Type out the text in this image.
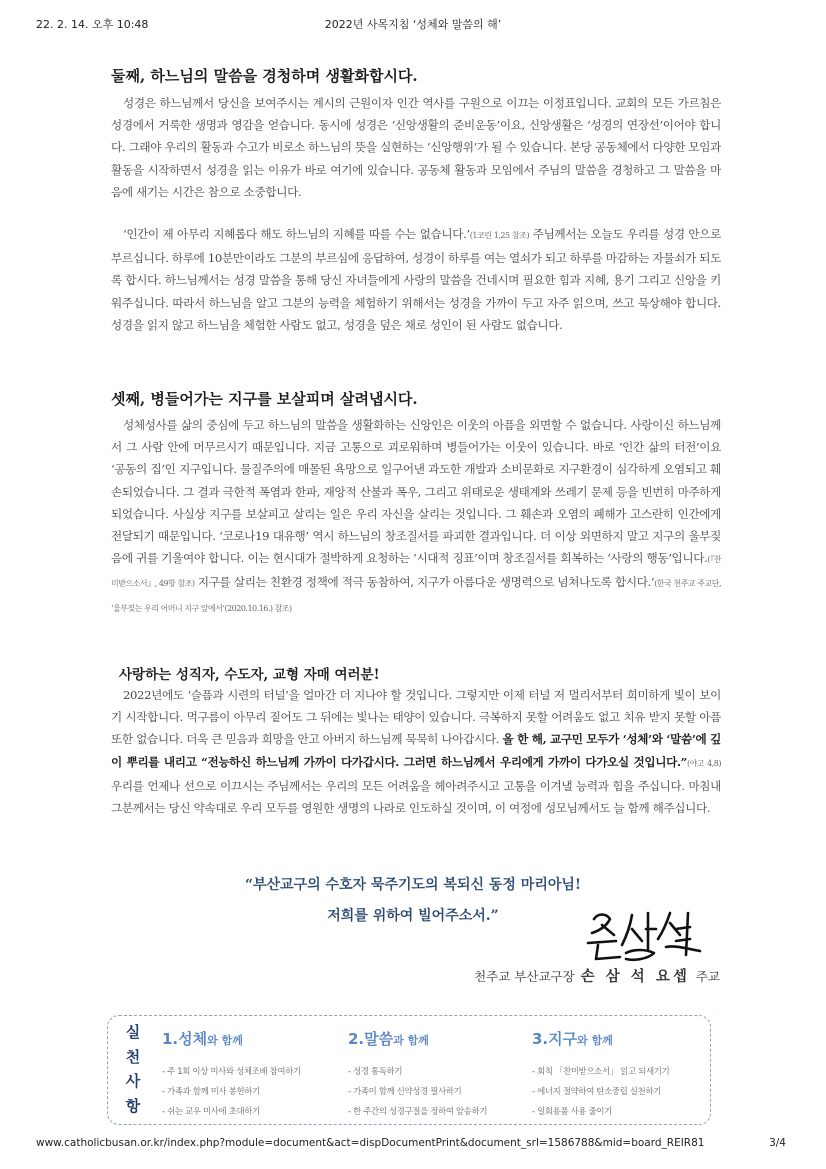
22. 2. 14. 오후 10:48	2022년 사목지침 ‘성체와 말씀의 해’
둘째, 하느님의 말씀을 경청하며 생활화합시다.

성경은 하느님께서 당신을 보여주시는 계시의 근원이자 인간 역사를 구원으로 이끄는 이정표입니다. 교회의 모든 가르침은 성경에서 거룩한 생명과 영감을 얻습니다. 동시에 성경은 ‘신앙생활의 준비운동’이요, 신앙생활은 ‘성경의 연장선’이어야 합니다. 그래야 우리의 활동과 수고가 비로소 하느님의 뜻을 실현하는 ‘신앙행위’가 될 수 있습니다. 본당 공동체에서 다양한 모임과 활동을 시작하면서 성경을 읽는 이유가 바로 여기에 있습니다. 공동체 활동과 모임에서 주님의 말씀을 경청하고 그 말씀을 마음에 새기는 시간은 참으로 소중합니다.

‘인간이 제 아무리 지혜롭다 해도 하느님의 지혜를 따를 수는 없습니다.’(1코린 1,25 참조) 주님께서는 오늘도 우리를 성경 안으로 부르십니다. 하루에 10분만이라도 그분의 부르심에 응답하여, 성경이 하루를 여는 열쇠가 되고 하루를 마감하는 자물쇠가 되도록 합시다. 하느님께서는 성경 말씀을 통해 당신 자녀들에게 사랑의 말씀을 건네시며 필요한 힘과 지혜, 용기 그리고 신앙을 키워주십니다. 따라서 하느님을 알고 그분의 능력을 체험하기 위해서는 성경을 가까이 두고 자주 읽으며, 쓰고 묵상해야 합니다. 성경을 읽지 않고 하느님을 체험한 사람도 없고, 성경을 덮은 채로 성인이 된 사람도 없습니다.

셋째, 병들어가는 지구를 보살피며 살려냅시다.

성체성사를 삶의 중심에 두고 하느님의 말씀을 생활화하는 신앙인은 이웃의 아픔을 외면할 수 없습니다. 사랑이신 하느님께서 그 사람 안에 머무르시기 때문입니다. 지금 고통으로 괴로워하며 병들어가는 이웃이 있습니다. 바로 ‘인간 삶의 터전’이요 ‘공동의 집’인 지구입니다. 물질주의에 매몰된 욕망으로 일구어낸 과도한 개발과 소비문화로 지구환경이 심각하게 오염되고 훼손되었습니다. 그 결과 극한적 폭염과 한파, 재앙적 산불과 폭우, 그리고 위태로운 생태계와 쓰레기 문제 등을 빈번히 마주하게 되었습니다. 사실상 지구를 보살피고 살리는 일은 우리 자신을 살리는 것입니다. 그 훼손과 오염의 폐해가 고스란히 인간에게 전달되기 때문입니다. ‘코로나19 대유행’ 역시 하느님의 창조질서를 파괴한 결과입니다. 더 이상 외면하지 말고 지구의 울부짖음에 귀를 기울여야 합니다. 이는 현시대가 절박하게 요청하는 ‘시대적 징표’이며 창조질서를 회복하는 ‘사랑의 행동’입니다.(『찬미받으소서』, 49항 참조) 지구를 살리는 친환경 정책에 적극 동참하여, 지구가 아름다운 생명력으로 넘쳐나도록 합시다.’(한국 천주교 주교단, ‘울부짖는 우리 어머니 지구 앞에서’(2020.10.16.) 참조)

사랑하는 성직자, 수도자, 교형 자매 여러분!

2022년에도 ‘슬픔과 시련의 터널’을 얼마간 더 지나야 할 것입니다. 그렇지만 이제 터널 저 멀리서부터 희미하게 빛이 보이기 시작합니다. 먹구름이 아무리 짙어도 그 뒤에는 빛나는 태양이 있습니다. 극복하지 못할 어려움도 없고 치유 받지 못할 아픔 또한 없습니다. 더욱 큰 믿음과 희망을 안고 아버지 하느님께 묵묵히 나아갑시다. 올 한 해, 교구민 모두가 ‘성체’와 ‘말씀’에 깊이 뿌리를 내리고 “전능하신 하느님께 가까이 다가갑시다. 그러면 하느님께서 우리에게 가까이 다가오실 것입니다.”(야고 4,8) 우리를 언제나 선으로 이끄시는 주님께서는 우리의 모든 어려움을 헤아려주시고 고통을 이겨낼 능력과 힘을 주십니다. 마침내 그분께서는 당신 약속대로 우리 모두를 영원한 생명의 나라로 인도하실 것이며, 이 여정에 성모님께서도 늘 함께 해주십니다.

“부산교구의 수호자 묵주기도의 복되신 동정 마리아님!
저희를 위하여 빌어주소서.”
천주교 부산교구장 손 삼 석 요셉 주교
실
천
사
항
1.성체와 함께
- 주 1회 이상 미사와 성체조배 참여하기
- 가족과 함께 미사 봉헌하기
- 쉬는 교우 미사에 초대하기
2.말씀과 함께
- 성경 통독하기
- 가족이 함께 신약성경 필사하기
- 한 주간의 성경구절을 정하여 암송하기
3.지구와 함께
- 회칙 「찬미받으소서」 읽고 되새기기
- 에너지 절약하여 탄소중립 실천하기
- 일회용품 사용 줄이기
www.catholicbusan.or.kr/index.php?module=document&act=dispDocumentPrint&document_srl=1586788&mid=board_REIR81	3/4
